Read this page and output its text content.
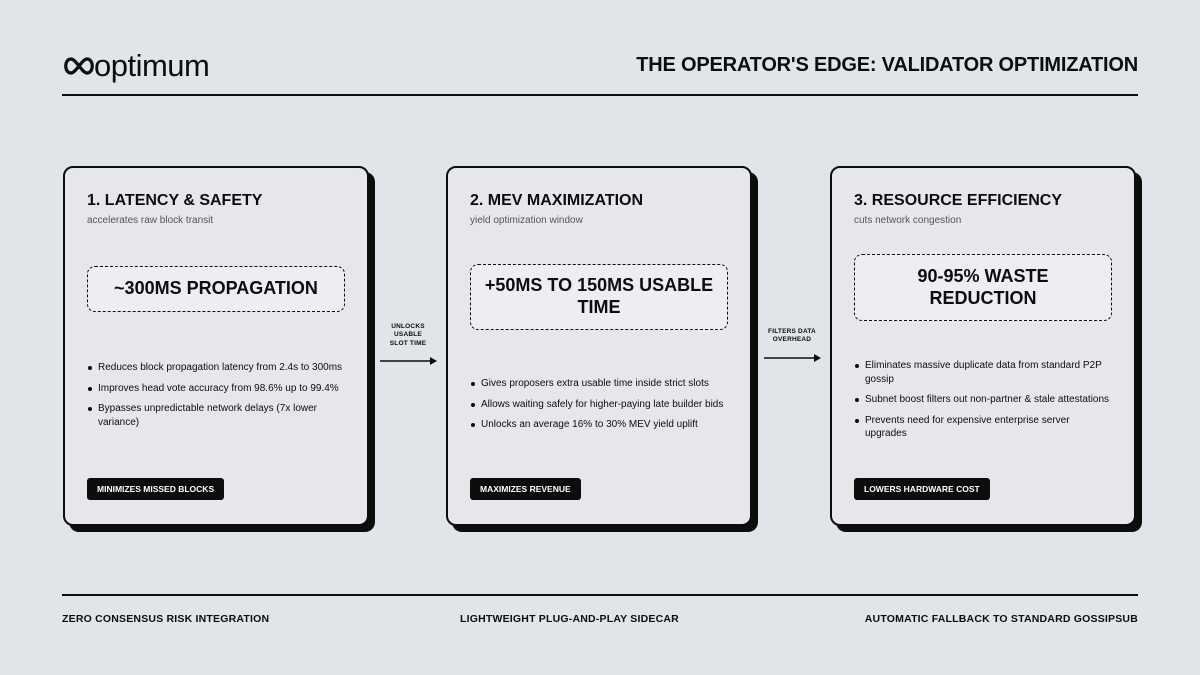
optimum	THE OPERATOR'S EDGE: VALIDATOR OPTIMIZATION
1. LATENCY & SAFETY
accelerates raw block transit
~300MS PROPAGATION
Reduces block propagation latency from 2.4s to 300ms
Improves head vote accuracy from 98.6% up to 99.4%
Bypasses unpredictable network delays (7x lower variance)
MINIMIZES MISSED BLOCKS
UNLOCKS USABLE SLOT TIME
2. MEV MAXIMIZATION
yield optimization window
+50MS TO 150MS USABLE TIME
Gives proposers extra usable time inside strict slots
Allows waiting safely for higher-paying late builder bids
Unlocks an average 16% to 30% MEV yield uplift
MAXIMIZES REVENUE
FILTERS DATA OVERHEAD
3. RESOURCE EFFICIENCY
cuts network congestion
90-95% WASTE REDUCTION
Eliminates massive duplicate data from standard P2P gossip
Subnet boost filters out non-partner & stale attestations
Prevents need for expensive enterprise server upgrades
LOWERS HARDWARE COST
ZERO CONSENSUS RISK INTEGRATION	LIGHTWEIGHT PLUG-AND-PLAY SIDECAR	AUTOMATIC FALLBACK TO STANDARD GOSSIPSUB
